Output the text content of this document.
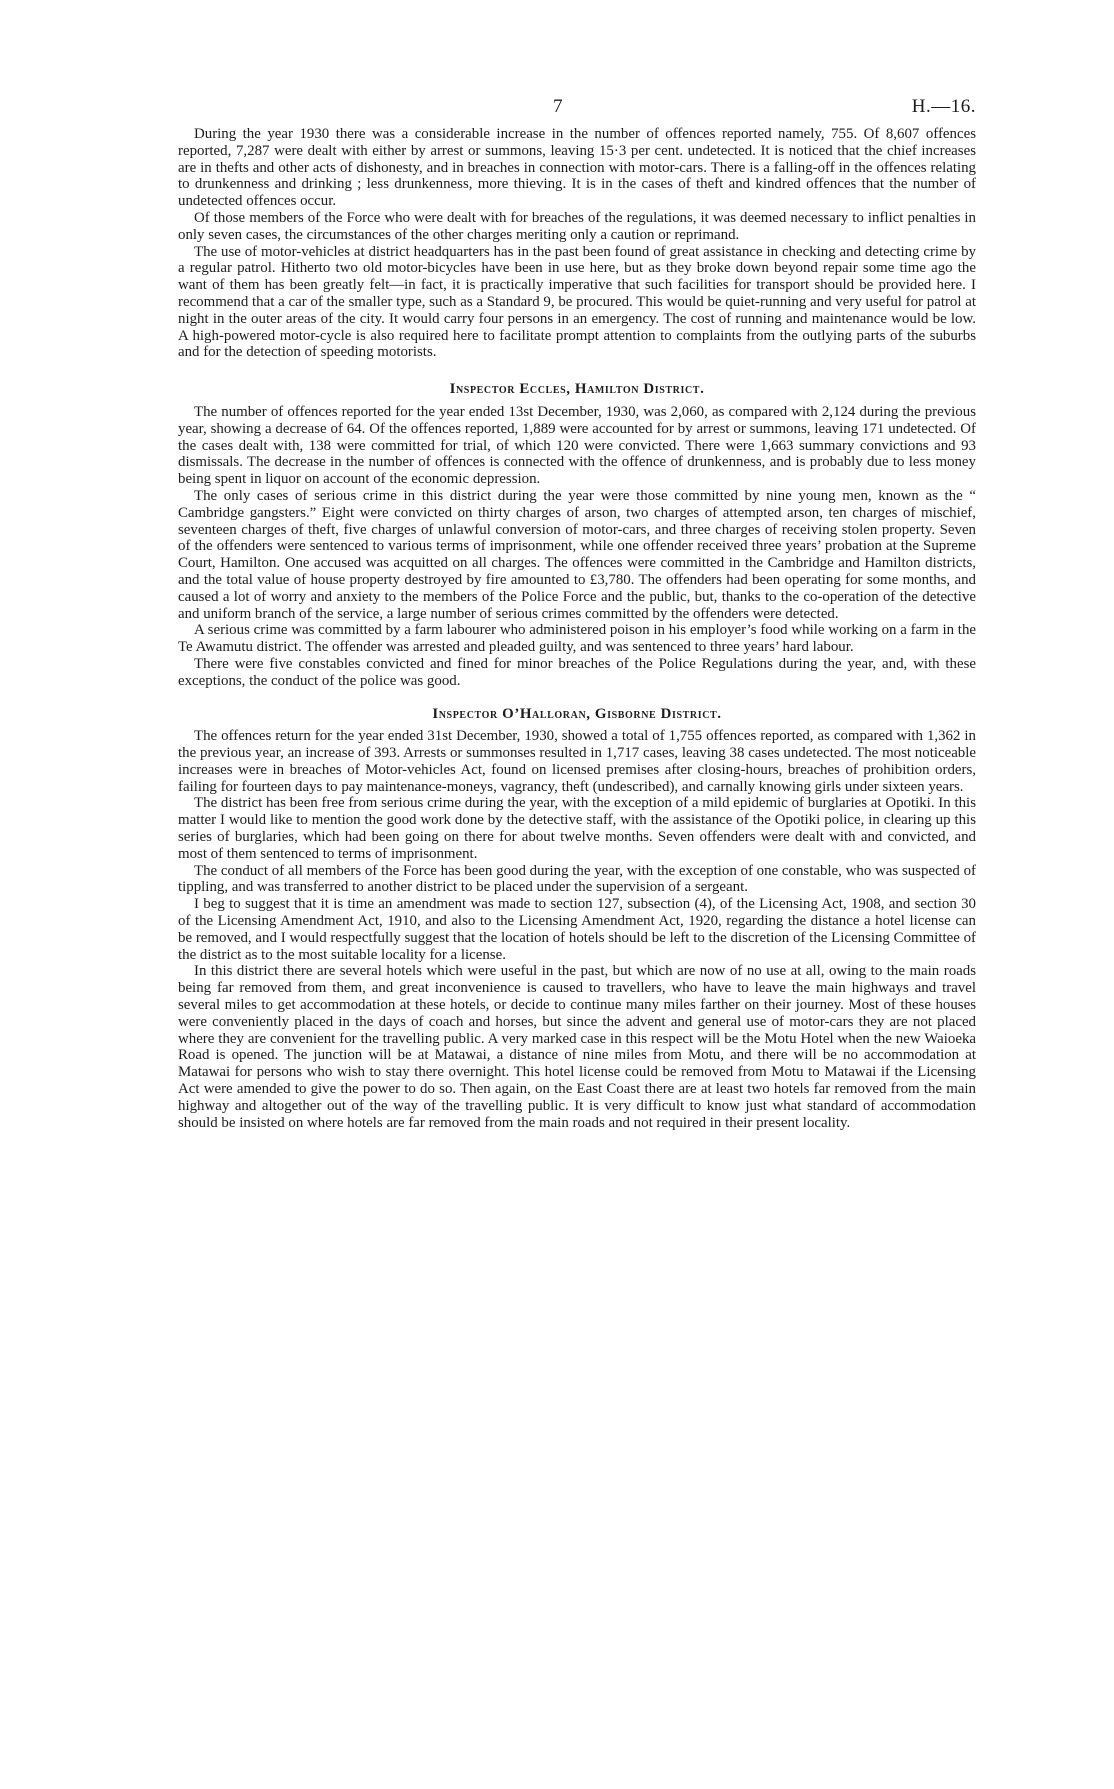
7	H.—16.

During the year 1930 there was a considerable increase in the number of offences reported namely, 755. Of 8,607 offences reported, 7,287 were dealt with either by arrest or summons, leaving 15·3 per cent. undetected. It is noticed that the chief increases are in thefts and other acts of dishonesty, and in breaches in connection with motor-cars. There is a falling-off in the offences relating to drunkenness and drinking ; less drunkenness, more thieving. It is in the cases of theft and kindred offences that the number of undetected offences occur.

Of those members of the Force who were dealt with for breaches of the regulations, it was deemed necessary to inflict penalties in only seven cases, the circumstances of the other charges meriting only a caution or reprimand.

The use of motor-vehicles at district headquarters has in the past been found of great assistance in checking and detecting crime by a regular patrol. Hitherto two old motor-bicycles have been in use here, but as they broke down beyond repair some time ago the want of them has been greatly felt—in fact, it is practically imperative that such facilities for transport should be provided here. I recommend that a car of the smaller type, such as a Standard 9, be procured. This would be quiet-running and very useful for patrol at night in the outer areas of the city. It would carry four persons in an emergency. The cost of running and maintenance would be low. A high-powered motor-cycle is also required here to facilitate prompt attention to complaints from the outlying parts of the suburbs and for the detection of speeding motorists.

Inspector Eccles, Hamilton District.

The number of offences reported for the year ended 13st December, 1930, was 2,060, as compared with 2,124 during the previous year, showing a decrease of 64. Of the offences reported, 1,889 were accounted for by arrest or summons, leaving 171 undetected. Of the cases dealt with, 138 were committed for trial, of which 120 were convicted. There were 1,663 summary convictions and 93 dismissals. The decrease in the number of offences is connected with the offence of drunkenness, and is probably due to less money being spent in liquor on account of the economic depression.

The only cases of serious crime in this district during the year were those committed by nine young men, known as the “ Cambridge gangsters.” Eight were convicted on thirty charges of arson, two charges of attempted arson, ten charges of mischief, seventeen charges of theft, five charges of unlawful conversion of motor-cars, and three charges of receiving stolen property. Seven of the offenders were sentenced to various terms of imprisonment, while one offender received three years’ probation at the Supreme Court, Hamilton. One accused was acquitted on all charges. The offences were committed in the Cambridge and Hamilton districts, and the total value of house property destroyed by fire amounted to £3,780. The offenders had been operating for some months, and caused a lot of worry and anxiety to the members of the Police Force and the public, but, thanks to the co-operation of the detective and uniform branch of the service, a large number of serious crimes committed by the offenders were detected.

A serious crime was committed by a farm labourer who administered poison in his employer’s food while working on a farm in the Te Awamutu district. The offender was arrested and pleaded guilty, and was sentenced to three years’ hard labour.

There were five constables convicted and fined for minor breaches of the Police Regulations during the year, and, with these exceptions, the conduct of the police was good.

Inspector O’Halloran, Gisborne District.

The offences return for the year ended 31st December, 1930, showed a total of 1,755 offences reported, as compared with 1,362 in the previous year, an increase of 393. Arrests or summonses resulted in 1,717 cases, leaving 38 cases undetected. The most noticeable increases were in breaches of Motor-vehicles Act, found on licensed premises after closing-hours, breaches of prohibition orders, failing for fourteen days to pay maintenance-moneys, vagrancy, theft (undescribed), and carnally knowing girls under sixteen years.

The district has been free from serious crime during the year, with the exception of a mild epidemic of burglaries at Opotiki. In this matter I would like to mention the good work done by the detective staff, with the assistance of the Opotiki police, in clearing up this series of burglaries, which had been going on there for about twelve months. Seven offenders were dealt with and convicted, and most of them sentenced to terms of imprisonment.

The conduct of all members of the Force has been good during the year, with the exception of one constable, who was suspected of tippling, and was transferred to another district to be placed under the supervision of a sergeant.

I beg to suggest that it is time an amendment was made to section 127, subsection (4), of the Licensing Act, 1908, and section 30 of the Licensing Amendment Act, 1910, and also to the Licensing Amendment Act, 1920, regarding the distance a hotel license can be removed, and I would respectfully suggest that the location of hotels should be left to the discretion of the Licensing Committee of the district as to the most suitable locality for a license.

In this district there are several hotels which were useful in the past, but which are now of no use at all, owing to the main roads being far removed from them, and great inconvenience is caused to travellers, who have to leave the main highways and travel several miles to get accommodation at these hotels, or decide to continue many miles farther on their journey. Most of these houses were conveniently placed in the days of coach and horses, but since the advent and general use of motor-cars they are not placed where they are convenient for the travelling public. A very marked case in this respect will be the Motu Hotel when the new Waioeka Road is opened. The junction will be at Matawai, a distance of nine miles from Motu, and there will be no accommodation at Matawai for persons who wish to stay there overnight. This hotel license could be removed from Motu to Matawai if the Licensing Act were amended to give the power to do so. Then again, on the East Coast there are at least two hotels far removed from the main highway and altogether out of the way of the travelling public. It is very difficult to know just what standard of accommodation should be insisted on where hotels are far removed from the main roads and not required in their present locality.
